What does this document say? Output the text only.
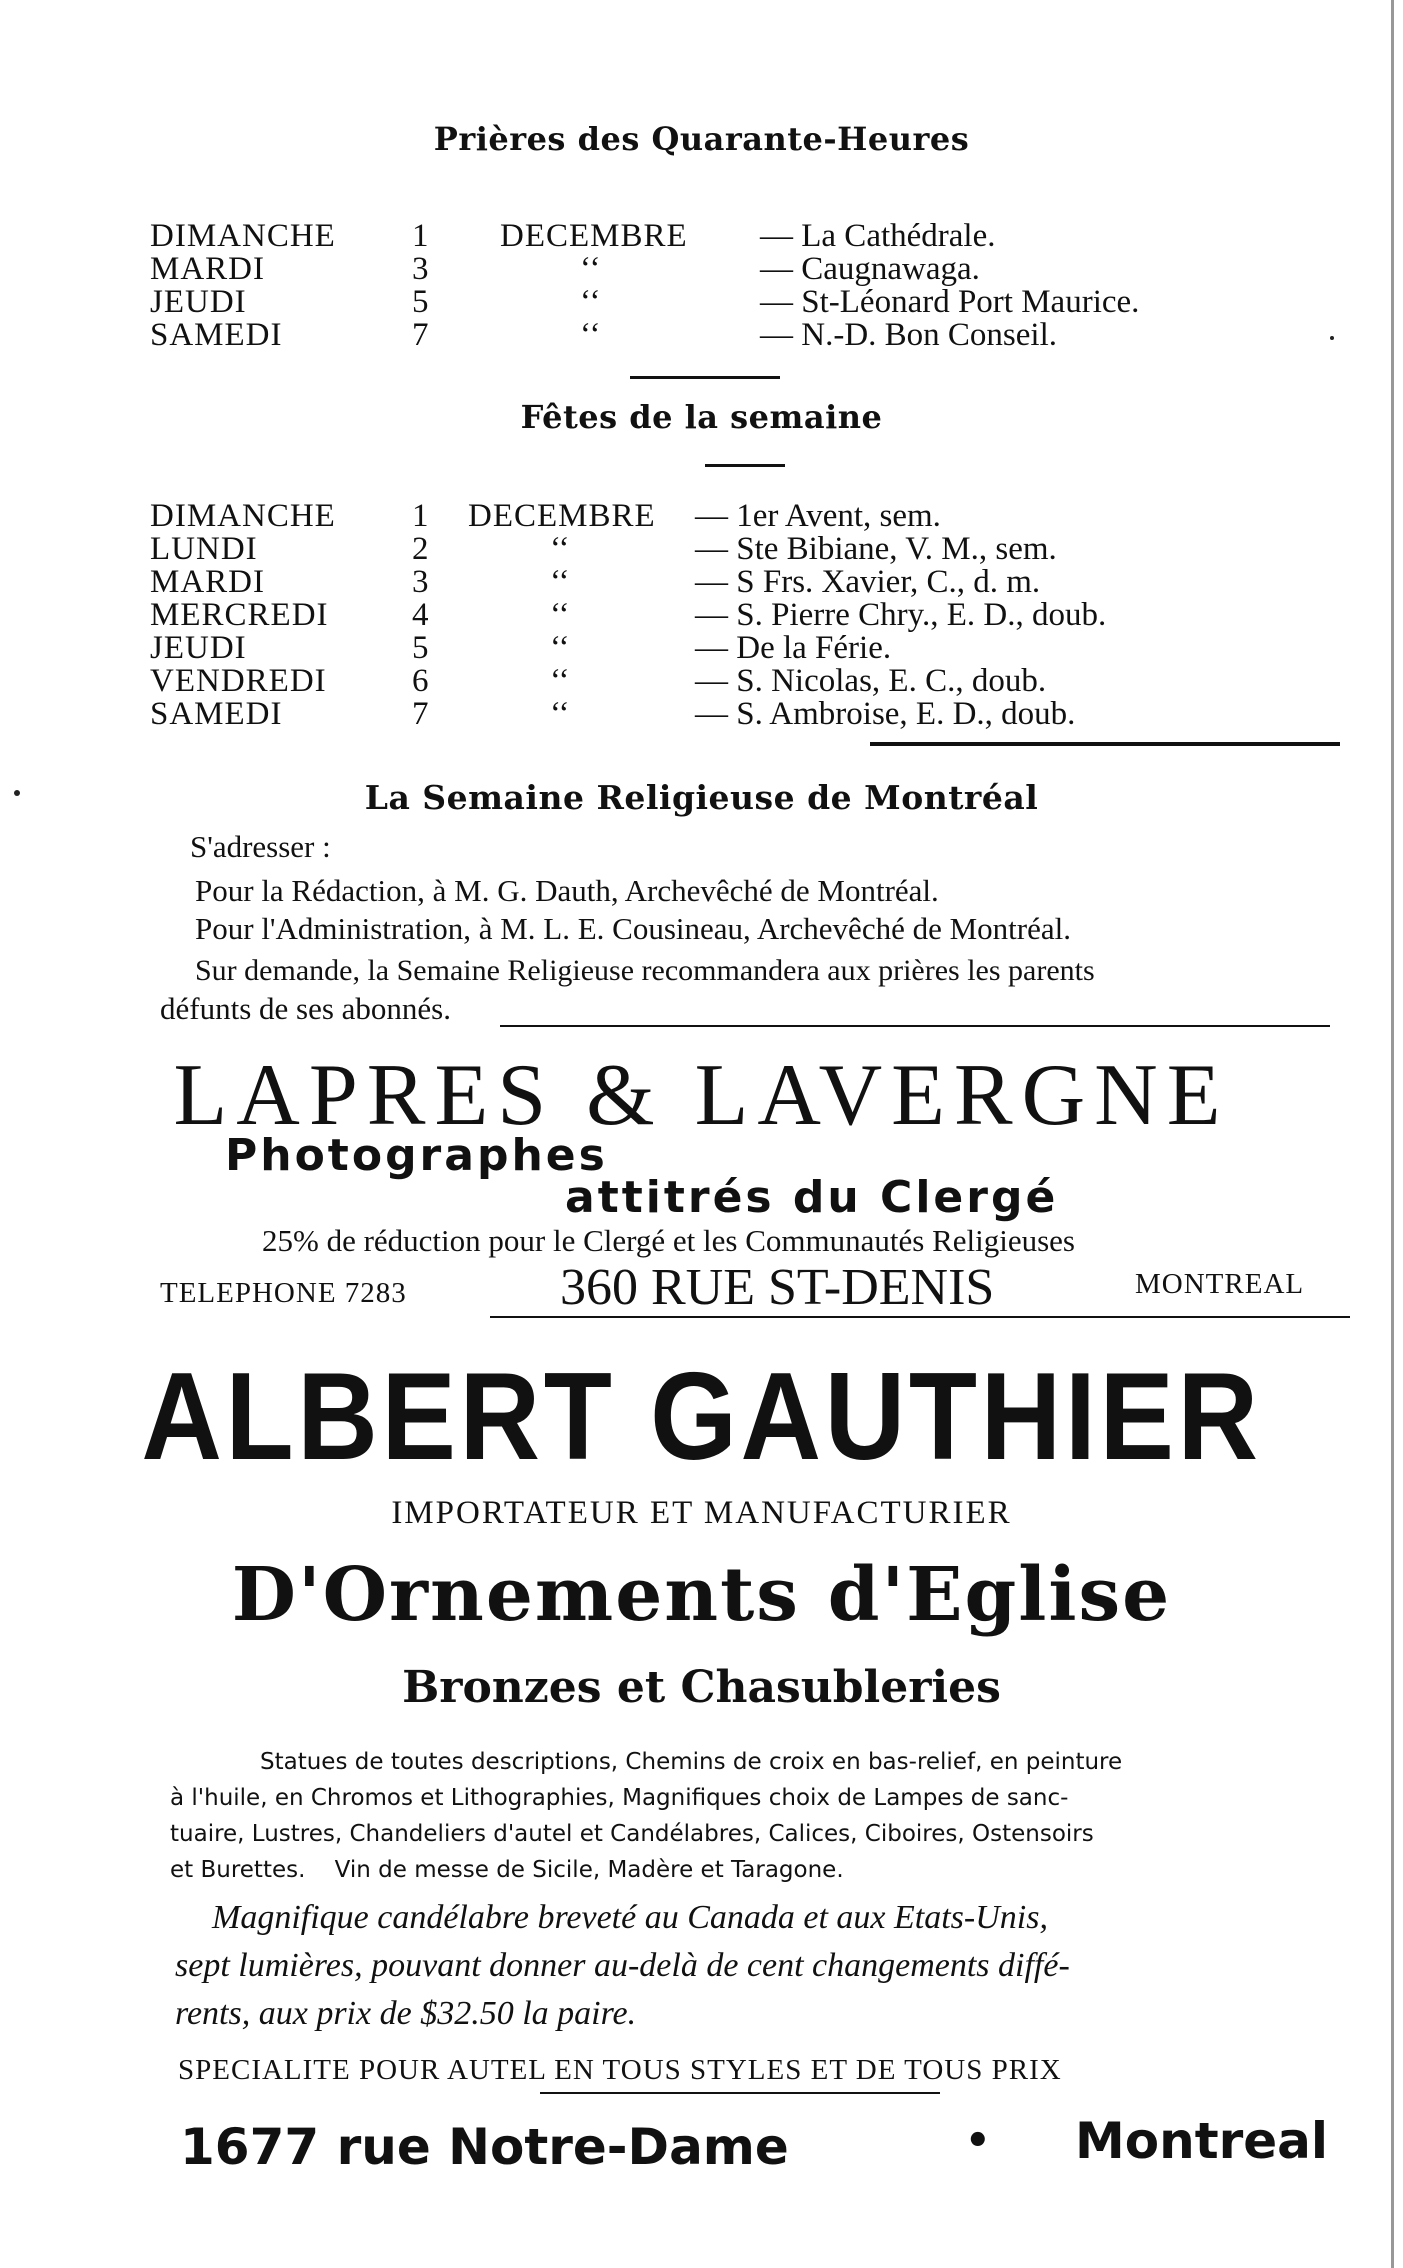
Prières des Quarante-Heures
DIMANCHE 1 DECEMBRE — La Cathédrale.
MARDI	3	‘‘	— Caugnawaga.
JEUDI	5	‘‘	— St-Léonard Port Maurice.
SAMEDI	7	‘‘	— N.-D. Bon Conseil.
Fêtes de la semaine
DIMANCHE 1 DECEMBRE — 1er Avent, sem.
LUNDI	2	‘‘	— Ste Bibiane, V. M., sem.
MARDI	3	‘‘	— S Frs. Xavier, C., d. m.
MERCREDI	4	‘‘	— S. Pierre Chry., E. D., doub.
JEUDI	5	‘‘	— De la Férie.
VENDREDI	6	‘‘	— S. Nicolas, E. C., doub.
SAMEDI	7	‘‘	— S. Ambroise, E. D., doub.
La Semaine Religieuse de Montréal
S'adresser :
Pour la Rédaction, à M. G. Dauth, Archevêché de Montréal.
Pour l'Administration, à M. L. E. Cousineau, Archevêché de Montréal.
Sur demande, la Semaine Religieuse recommandera aux prières les parents
défunts de ses abonnés.
LAPRES & LAVERGNE
Photographes
attitrés du Clergé
25% de réduction pour le Clergé et les Communautés Religieuses
TELEPHONE 7283	360 RUE ST-DENIS	MONTREAL
ALBERT GAUTHIER
IMPORTATEUR ET MANUFACTURIER
D'Ornements d'Eglise
Bronzes et Chasubleries
Statues de toutes descriptions, Chemins de croix en bas-relief, en peinture
à l'huile, en Chromos et Lithographies, Magnifiques choix de Lampes de sanc-
tuaire, Lustres, Chandeliers d'autel et Candélabres, Calices, Ciboires, Ostensoirs
et Burettes.    Vin de messe de Sicile, Madère et Taragone.
Magnifique candélabre breveté au Canada et aux Etats-Unis,
sept lumières, pouvant donner au-delà de cent changements diffé-
rents, aux prix de $32.50 la paire.
SPECIALITE POUR AUTEL EN TOUS STYLES ET DE TOUS PRIX
1677 rue Notre-Dame	• Montreal
